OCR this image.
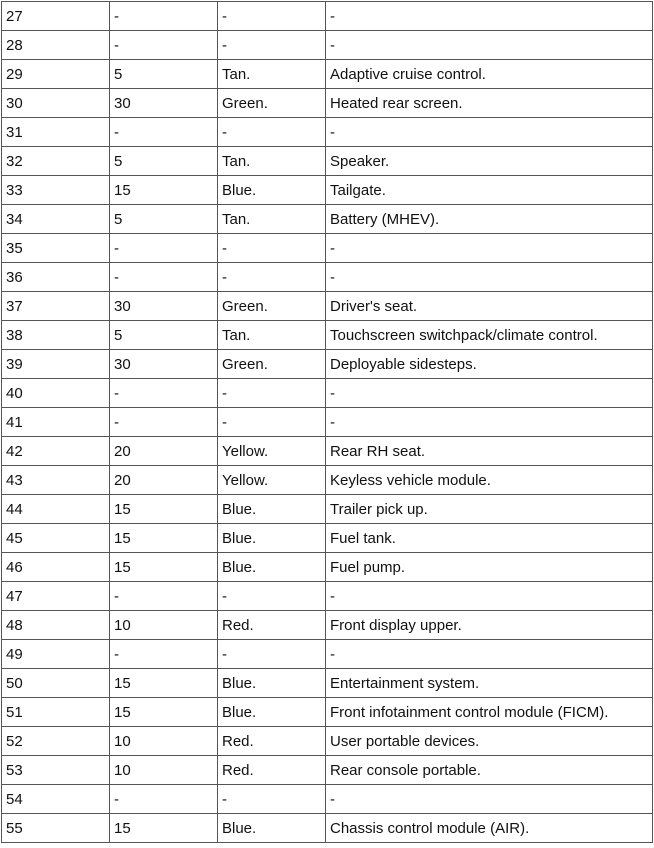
27	-	-	-
28	-	-	-
29	5	Tan.	Adaptive cruise control.
30	30	Green.	Heated rear screen.
31	-	-	-
32	5	Tan.	Speaker.
33	15	Blue.	Tailgate.
34	5	Tan.	Battery (MHEV).
35	-	-	-
36	-	-	-
37	30	Green.	Driver's seat.
38	5	Tan.	Touchscreen switchpack/climate control.
39	30	Green.	Deployable sidesteps.
40	-	-	-
41	-	-	-
42	20	Yellow.	Rear RH seat.
43	20	Yellow.	Keyless vehicle module.
44	15	Blue.	Trailer pick up.
45	15	Blue.	Fuel tank.
46	15	Blue.	Fuel pump.
47	-	-	-
48	10	Red.	Front display upper.
49	-	-	-
50	15	Blue.	Entertainment system.
51	15	Blue.	Front infotainment control module (FICM).
52	10	Red.	User portable devices.
53	10	Red.	Rear console portable.
54	-	-	-
55	15	Blue.	Chassis control module (AIR).
